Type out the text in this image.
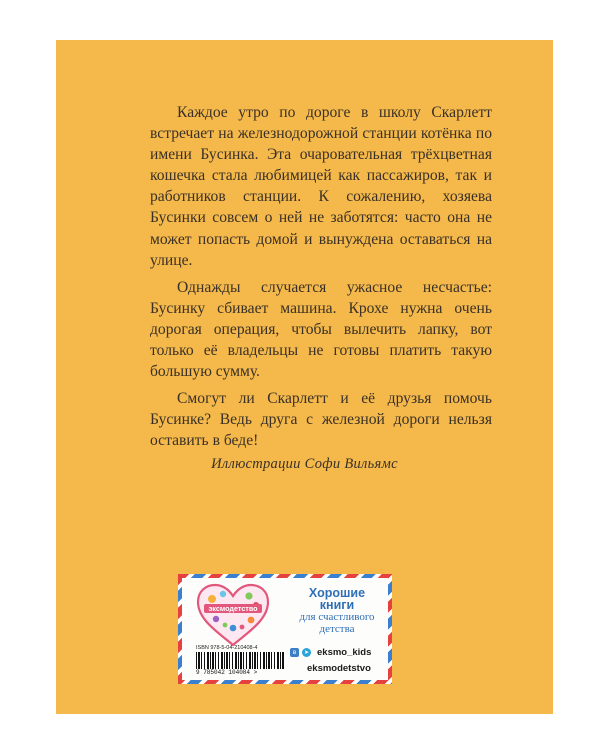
Каждое утро по дороге в школу Скарлетт встречает на железнодорожной станции котёнка по имени Бусинка. Эта очаровательная трёхцветная кошечка стала любимицей как пассажиров, так и работников станции. К сожалению, хозяева Бусинки совсем о ней не заботятся: часто она не может попасть домой и вынуждена оставаться на улице.

Однажды случается ужасное несчастье: Бусинку сбивает машина. Крохе нужна очень дорогая операция, чтобы вылечить лапку, вот только её владельцы не готовы платить такую большую сумму.

Смогут ли Скарлетт и её друзья помочь Бусинке? Ведь друга с железной дороги нельзя оставить в беде!

Иллюстрации Софи Вильямс
эксмодетство
Хорошие
книги
для счастливого
детства
ISBN 978-5-04-210408-4
9 785042 104084 >
в	➤ eksmo_kids
eksmodetstvo
